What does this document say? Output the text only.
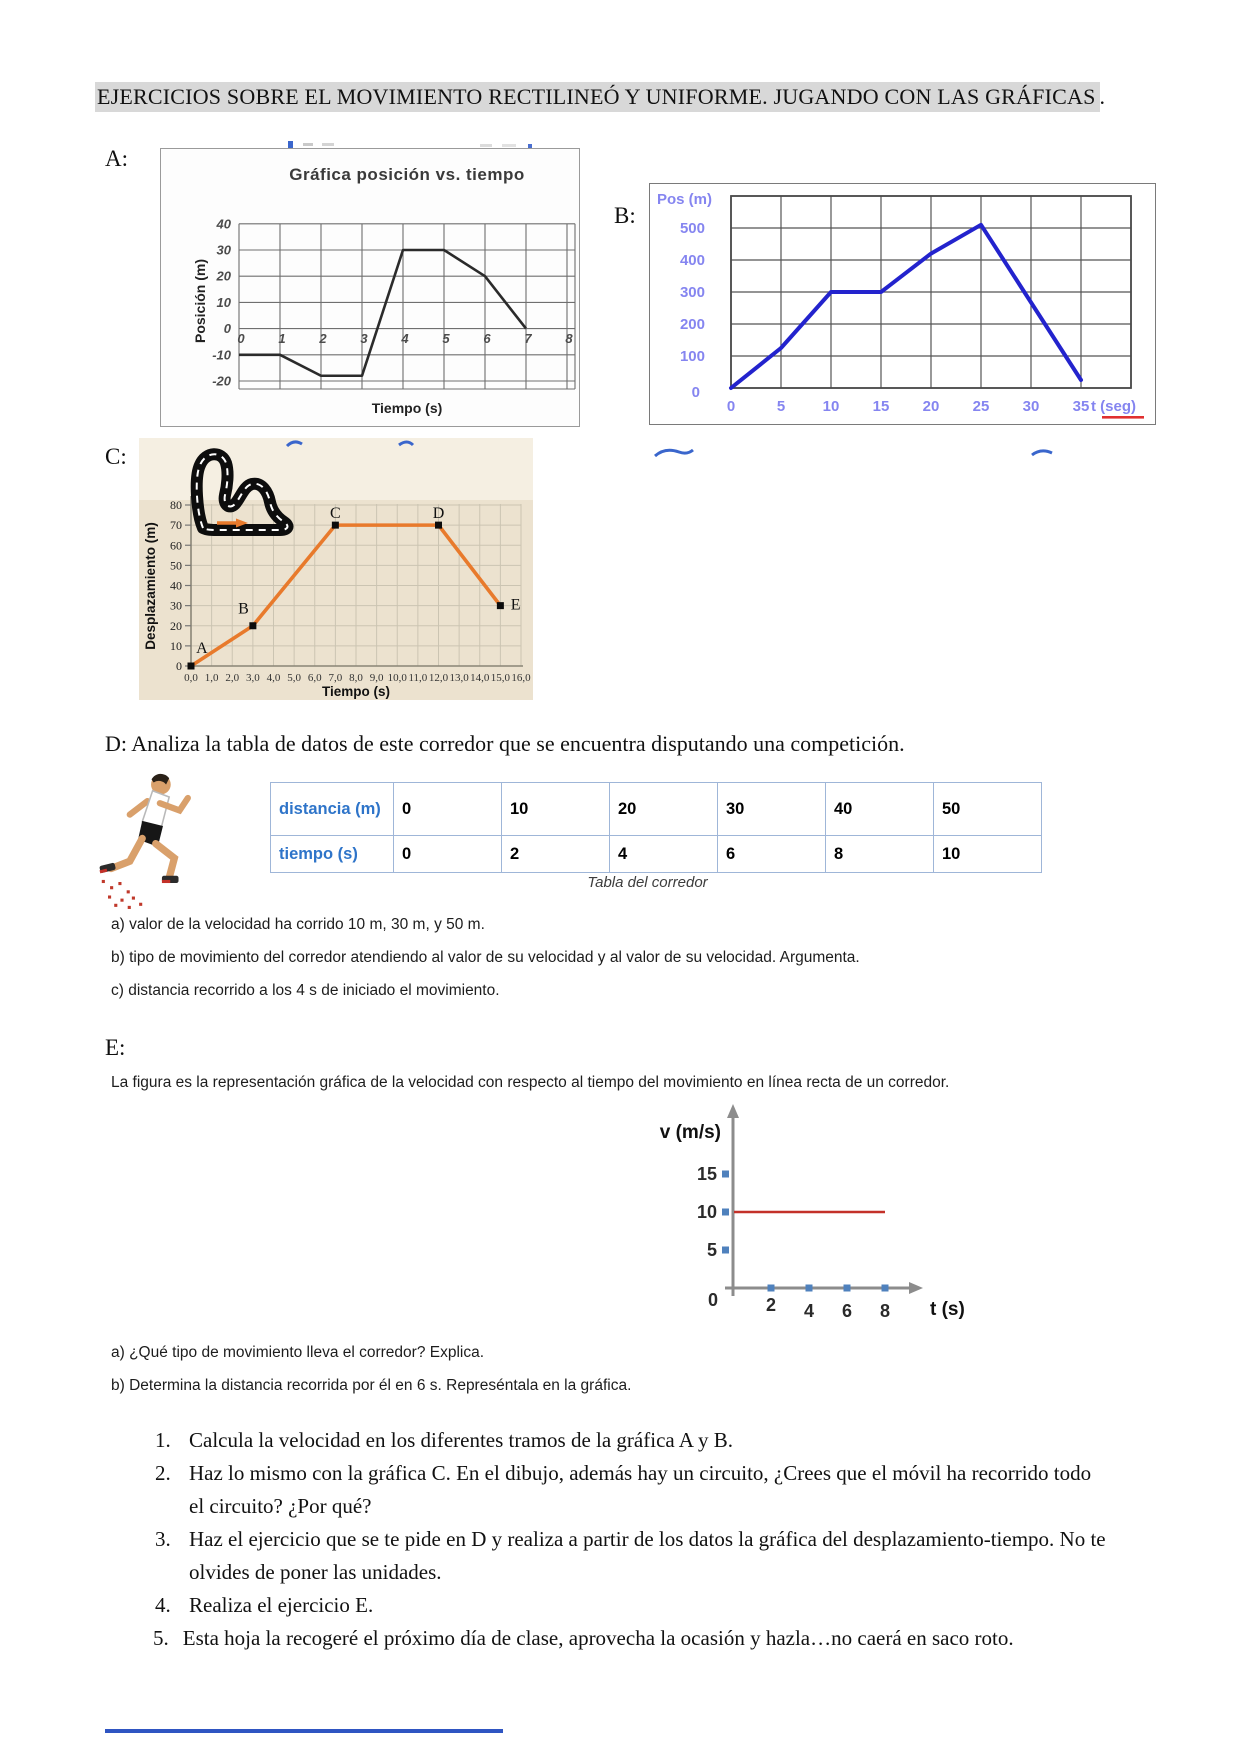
EJERCICIOS SOBRE EL MOVIMIENTO RECTILINEÓ Y UNIFORME. JUGANDO CON LAS GRÁFICAS .

A:
40
30
20
10
0
-10
-20
0	1	2	3	4	5	6	7	8
Gráfica posición vs. tiempo
Posición (m)
Tiempo (s)
B:
Pos (m)
0
100
200
300
400
500
0	5 10 15 20 25 30 35 t (seg)
C:
0
10
20
30
40
50
60
70
80
0,0 1,0 2,0 3,0 4,0 5,0 6,0 7,0 8,0 9,0 10,0 11,0 12,0 13,0 14,0 15,0 16,0
Tiempo (s)
Desplazamiento (m) A
B
C	D
E
D: Analiza la tabla de datos de este corredor que se encuentra disputando una competición.
distancia (m)	0	10	20	30	40	50
tiempo (s)	0	2	4	6	8	10
Tabla del corredor
a) valor de la velocidad ha corrido 10 m, 30 m, y 50 m.
b) tipo de movimiento del corredor atendiendo al valor de su velocidad y al valor de su velocidad. Argumenta.
c) distancia recorrido a los 4 s de iniciado el movimiento.
E:
La figura es la representación gráfica de la velocidad con respecto al tiempo del movimiento en línea recta de un corredor.
v (m/s)
t (s)
5
10
15
2 4 6 8
0
a) ¿Qué tipo de movimiento lleva el corredor? Explica.
b) Determina la distancia recorrida por él en 6 s. Represéntala en la gráfica.
1. Calcula la velocidad en los diferentes tramos de la gráfica A y B.
2. Haz lo mismo con la gráfica C. En el dibujo, además hay un circuito, ¿Crees que el móvil ha recorrido todo el circuito? ¿Por qué?
3. Haz el ejercicio que se te pide en D y realiza a partir de los datos la gráfica del desplazamiento-tiempo. No te olvides de poner las unidades.
4. Realiza el ejercicio E.
5. Esta hoja la recogeré el próximo día de clase, aprovecha la ocasión y hazla…no caerá en saco roto.
